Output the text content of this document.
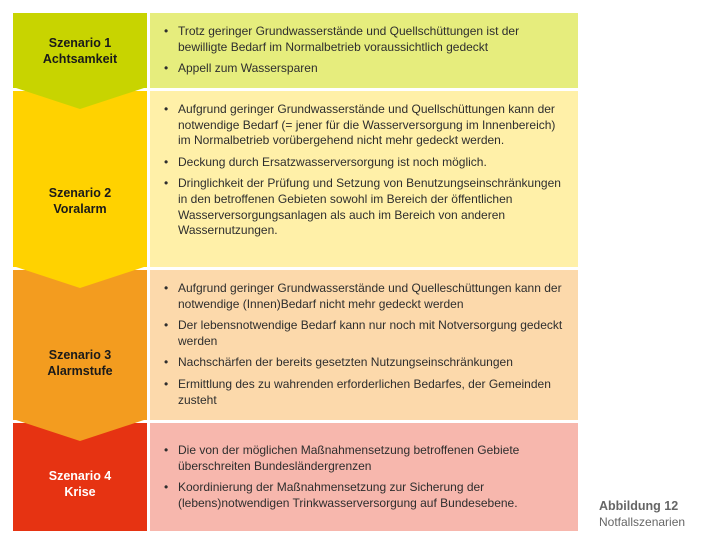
Szenario 1
Achtsamkeit
• Trotz geringer Grundwasserstände und Quellschüttungen ist der bewilligte Bedarf im Normalbetrieb voraussichtlich gedeckt
• Appell zum Wassersparen
Szenario 2
Voralarm
• Aufgrund geringer Grundwasserstände und Quellschüttungen kann der notwendige Bedarf (= jener für die Wasserversorgung im Innenbereich) im Normalbetrieb vorübergehend nicht mehr gedeckt werden.
• Deckung durch Ersatzwasserversorgung ist noch möglich.
• Dringlichkeit der Prüfung und Setzung von Benutzungseinschränkungen in den betroffenen Gebieten sowohl im Bereich der öffentlichen Wasserversorgungsanlagen als auch im Bereich von anderen Wassernutzungen.
Szenario 3
Alarmstufe
• Aufgrund geringer Grundwasserstände und Quelleschüttungen kann der notwendige (Innen)Bedarf nicht mehr gedeckt werden
• Der lebensnotwendige Bedarf kann nur noch mit Notversorgung gedeckt werden
• Nachschärfen der bereits gesetzten Nutzungseinschränkungen
• Ermittlung des zu wahrenden erforderlichen Bedarfes, der Gemeinden zusteht
Szenario 4
Krise
• Die von der möglichen Maßnahmensetzung betroffenen Gebiete überschreiten Bundesländergrenzen
• Koordinierung der Maßnahmensetzung zur Sicherung der (lebens)notwendigen Trinkwasserversorgung auf Bundesebene.	Abbildung 12
Notfallszenarien
